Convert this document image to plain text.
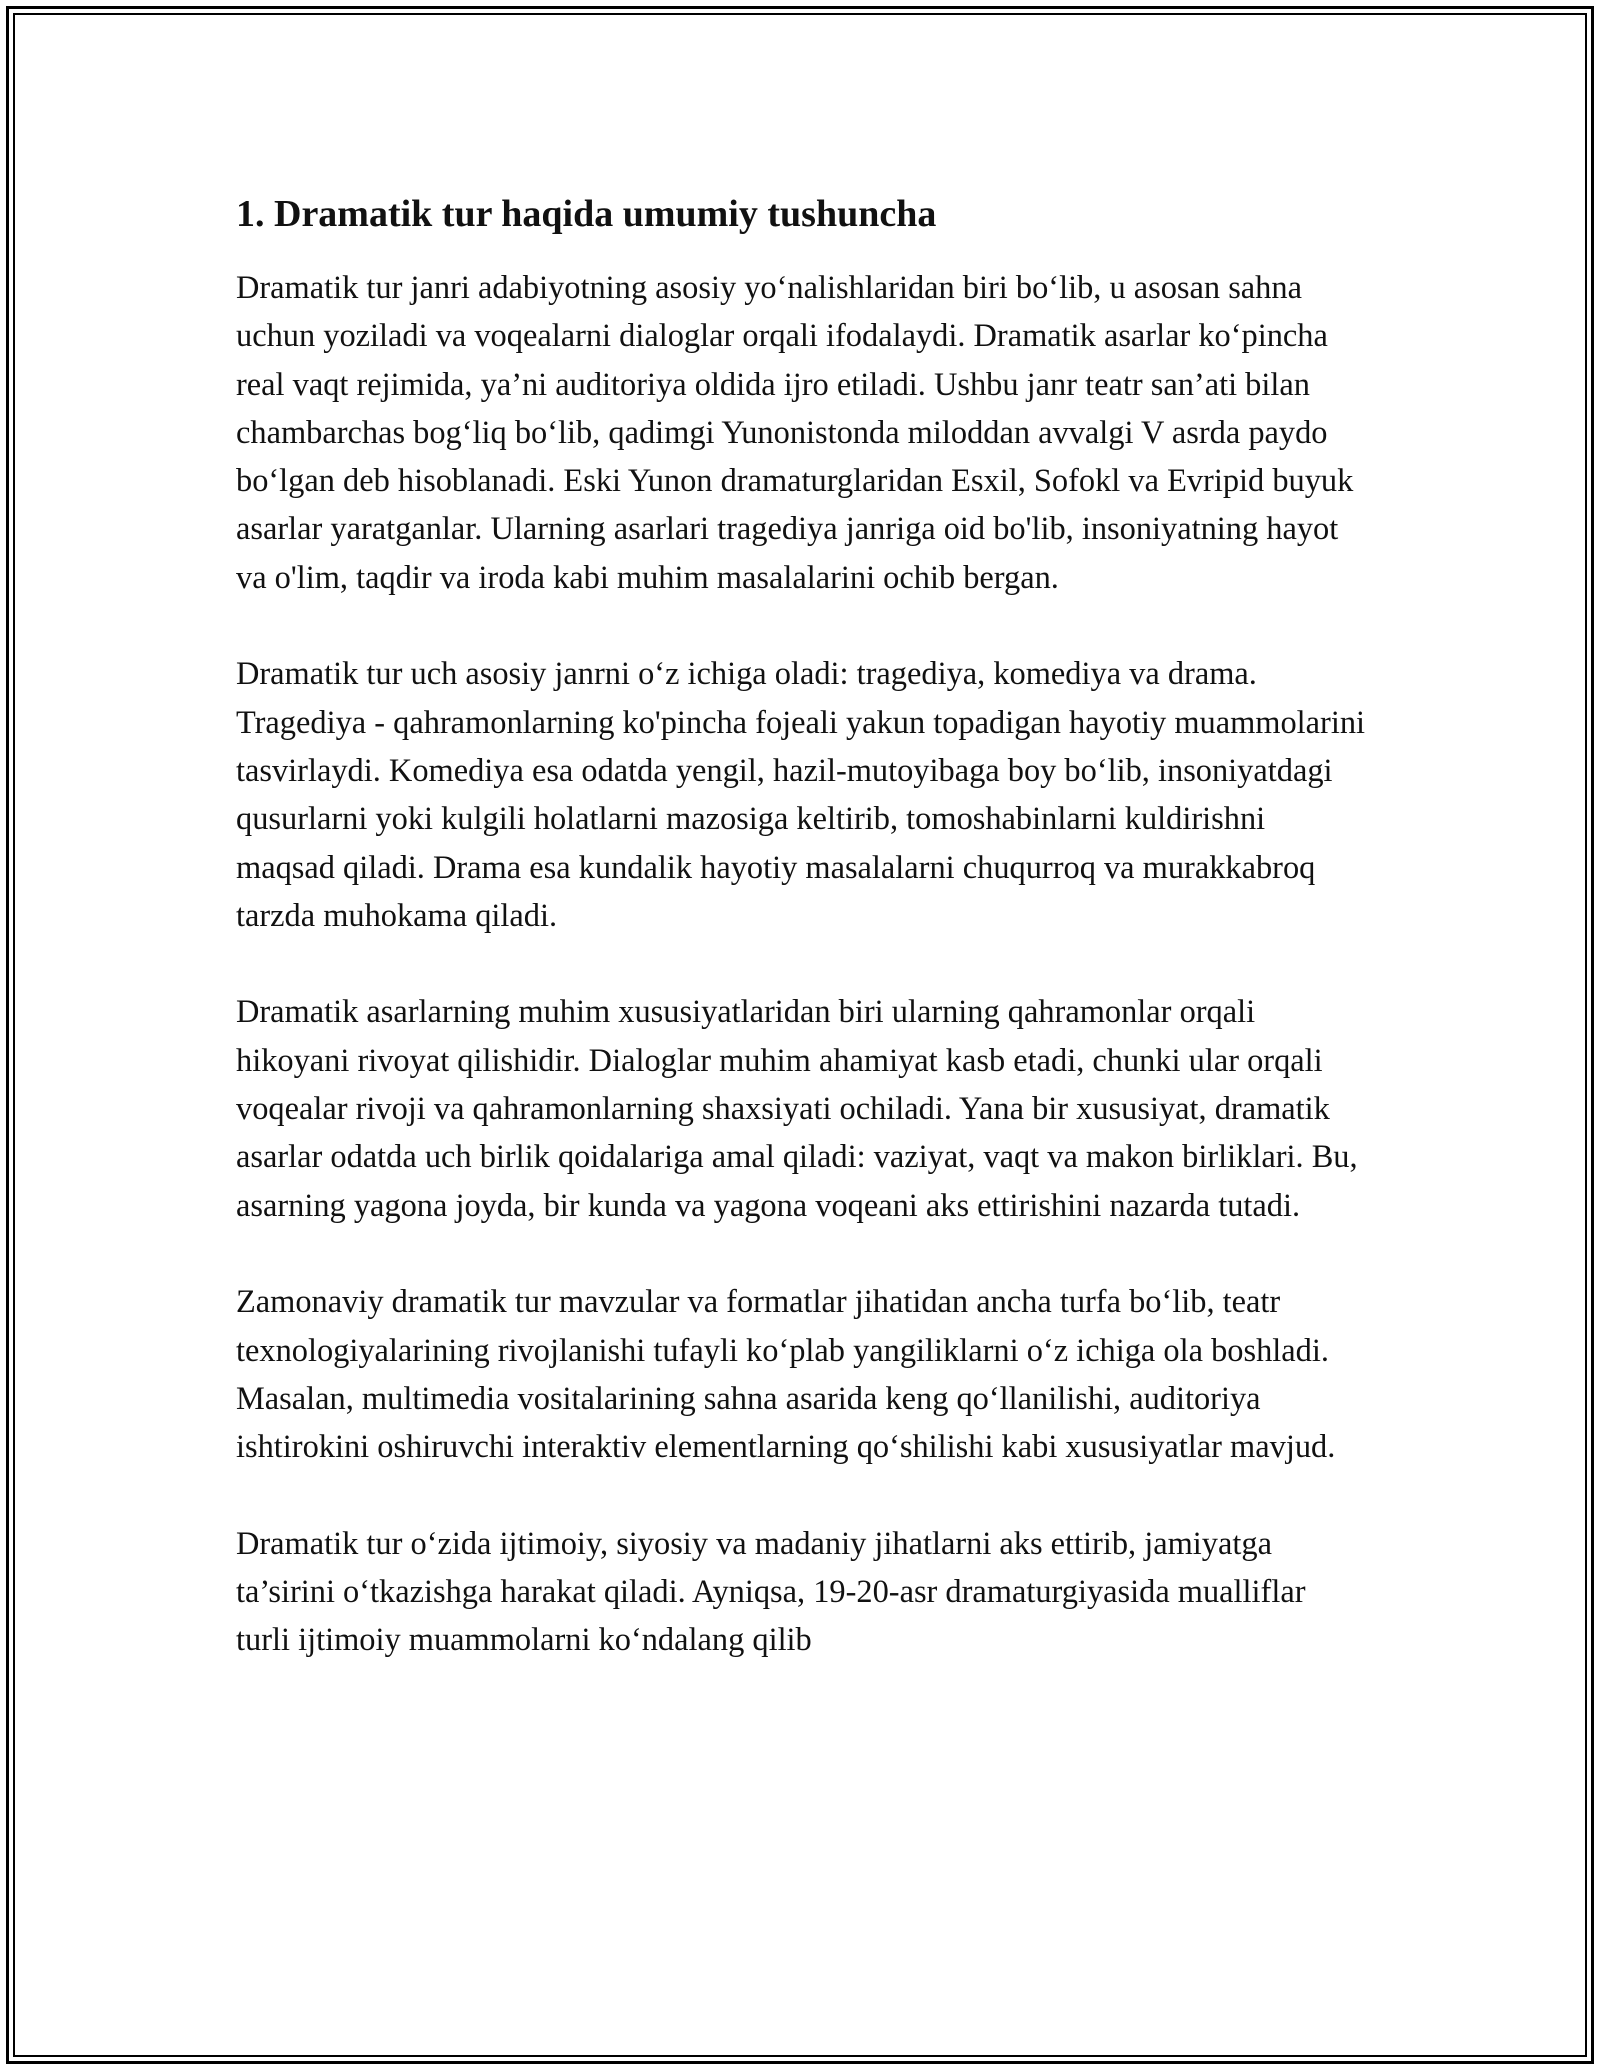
1. Dramatik tur haqida umumiy tushuncha

Dramatik tur janri adabiyotning asosiy yo‘nalishlaridan biri bo‘lib, u asosan sahna uchun yoziladi va voqealarni dialoglar orqali ifodalaydi. Dramatik asarlar ko‘pincha real vaqt rejimida, ya’ni auditoriya oldida ijro etiladi. Ushbu janr teatr san’ati bilan chambarchas bog‘liq bo‘lib, qadimgi Yunonistonda miloddan avvalgi V asrda paydo bo‘lgan deb hisoblanadi. Eski Yunon dramaturglaridan Esxil, Sofokl va Evripid buyuk asarlar yaratganlar. Ularning asarlari tragediya janriga oid bo'lib, insoniyatning hayot va o'lim, taqdir va iroda kabi muhim masalalarini ochib bergan.

Dramatik tur uch asosiy janrni o‘z ichiga oladi: tragediya, komediya va drama. Tragediya - qahramonlarning ko'pincha fojeali yakun topadigan hayotiy muammolarini tasvirlaydi. Komediya esa odatda yengil, hazil-mutoyibaga boy bo‘lib, insoniyatdagi qusurlarni yoki kulgili holatlarni mazosiga keltirib, tomoshabinlarni kuldirishni maqsad qiladi. Drama esa kundalik hayotiy masalalarni chuqurroq va murakkabroq tarzda muhokama qiladi.

Dramatik asarlarning muhim xususiyatlaridan biri ularning qahramonlar orqali hikoyani rivoyat qilishidir. Dialoglar muhim ahamiyat kasb etadi, chunki ular orqali voqealar rivoji va qahramonlarning shaxsiyati ochiladi. Yana bir xususiyat, dramatik asarlar odatda uch birlik qoidalariga amal qiladi: vaziyat, vaqt va makon birliklari. Bu, asarning yagona joyda, bir kunda va yagona voqeani aks ettirishini nazarda tutadi.

Zamonaviy dramatik tur mavzular va formatlar jihatidan ancha turfa bo‘lib, teatr texnologiyalarining rivojlanishi tufayli ko‘plab yangiliklarni o‘z ichiga ola boshladi. Masalan, multimedia vositalarining sahna asarida keng qo‘llanilishi, auditoriya ishtirokini oshiruvchi interaktiv elementlarning qo‘shilishi kabi xususiyatlar mavjud.

Dramatik tur o‘zida ijtimoiy, siyosiy va madaniy jihatlarni aks ettirib, jamiyatga ta’sirini o‘tkazishga harakat qiladi. Ayniqsa, 19-20-asr dramaturgiyasida mualliflar turli ijtimoiy muammolarni ko‘ndalang qilib
